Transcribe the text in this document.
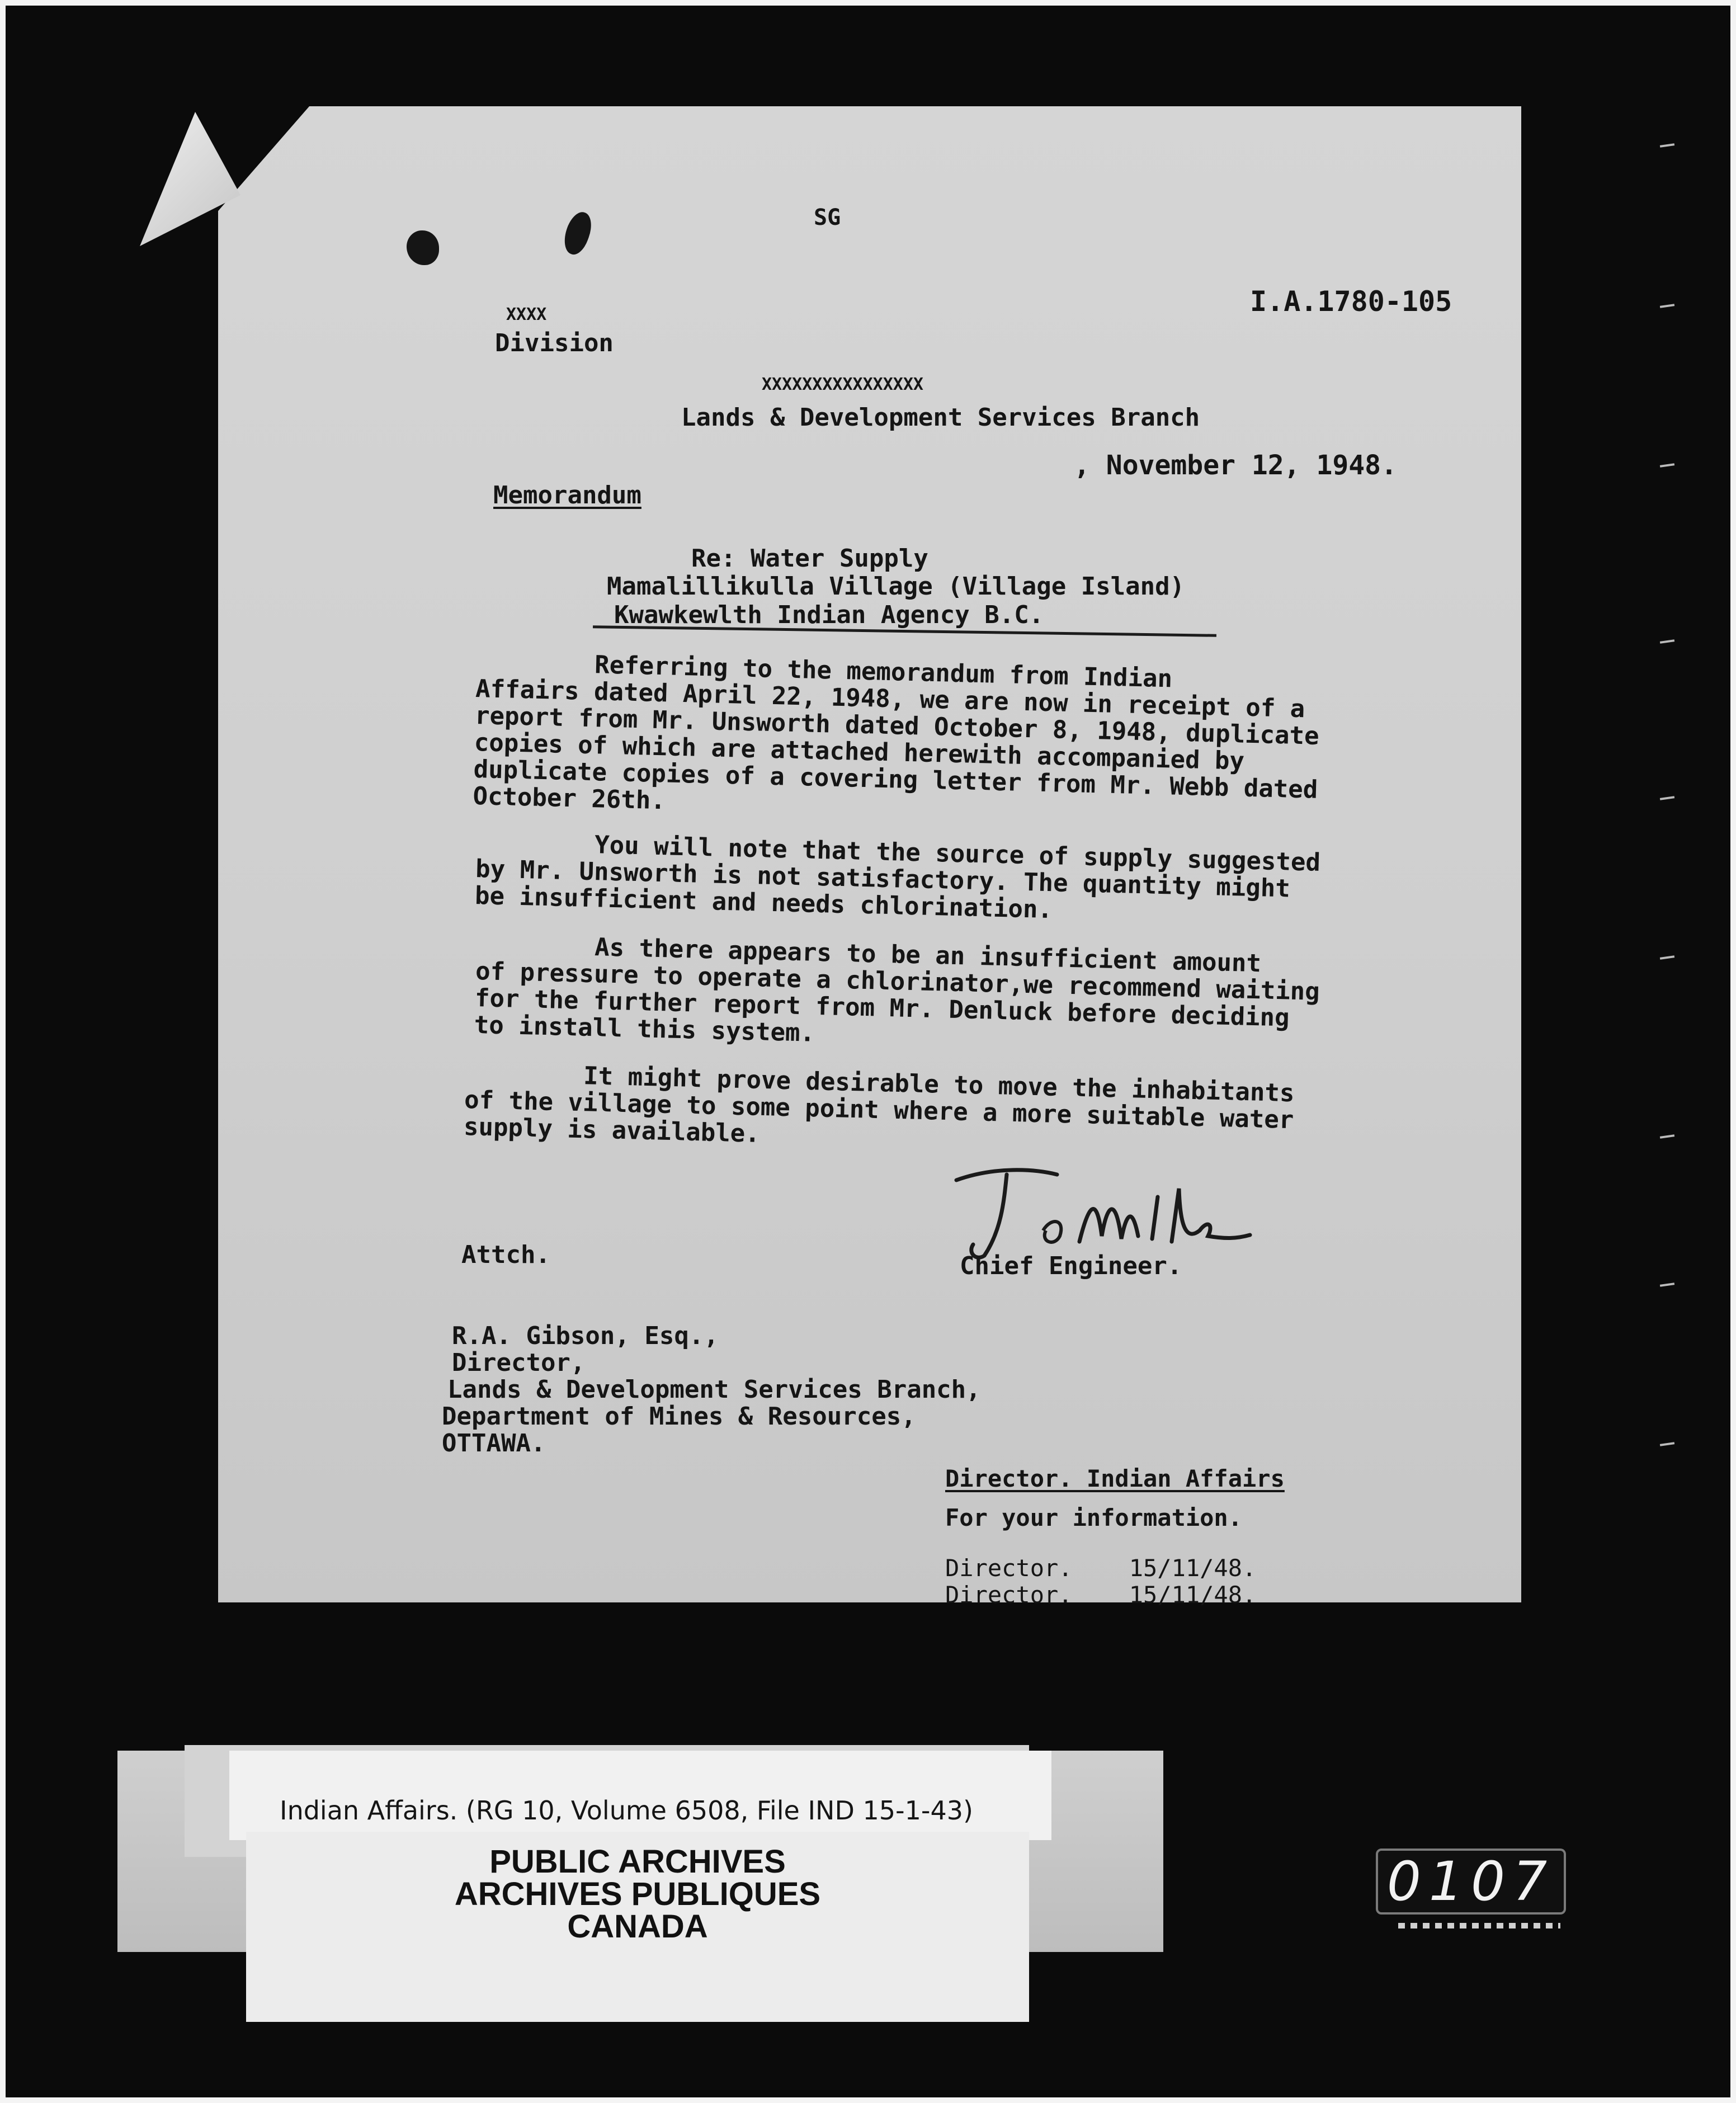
SG

I.A.1780-105

XXXX

Division

XXXXXXXXXXXXXXXX

Lands & Development Services Branch

, November 12, 1948.

Memorandum

Re: Water Supply

Mamalillikulla Village (Village Island)

Kwawkewlth Indian Agency B.C.

Referring to the memorandum from Indian
Affairs dated April 22, 1948, we are now in receipt of a
report from Mr. Unsworth dated October 8, 1948, duplicate
copies of which are attached herewith accompanied by
duplicate copies of a covering letter from Mr. Webb dated
October 26th.

You will note that the source of supply suggested
by Mr. Unsworth is not satisfactory. The quantity might
be insufficient and needs chlorination.

As there appears to be an insufficient amount
of pressure to operate a chlorinator,we recommend waiting
for the further report from Mr. Denluck before deciding
to install this system.

It might prove desirable to move the inhabitants
of the village to some point where a more suitable water
supply is available.

Chief Engineer.

Attch.

R.A. Gibson, Esq.,

Director,

Lands & Development Services Branch,

Department of Mines & Resources,

OTTAWA.

Director. Indian Affairs

For your information.

Director.    15/11/48.

Director.    15/11/48.

Indian Affairs. (RG 10, Volume 6508, File IND 15-1-43)

PUBLIC ARCHIVES
ARCHIVES PUBLIQUES
CANADA

0107
